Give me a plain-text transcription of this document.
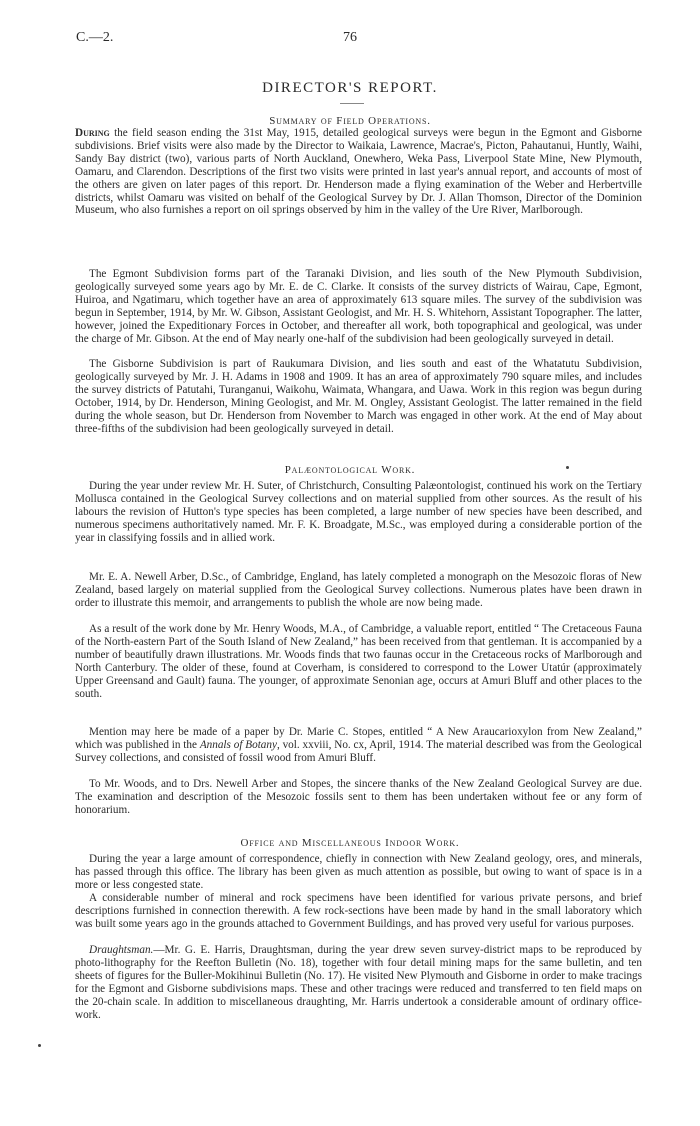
C.—2.	76
DIRECTOR'S REPORT.
Summary of Field Operations.
During the field season ending the 31st May, 1915, detailed geological surveys were begun in the Egmont and Gisborne subdivisions. Brief visits were also made by the Director to Waikaia, Lawrence, Macrae's, Picton, Pahautanui, Huntly, Waihi, Sandy Bay district (two), various parts of North Auckland, Onewhero, Weka Pass, Liverpool State Mine, New Plymouth, Oamaru, and Clarendon. Descriptions of the first two visits were printed in last year's annual report, and accounts of most of the others are given on later pages of this report. Dr. Henderson made a flying examination of the Weber and Herbertville districts, whilst Oamaru was visited on behalf of the Geological Survey by Dr. J. Allan Thomson, Director of the Dominion Museum, who also furnishes a report on oil springs observed by him in the valley of the Ure River, Marlborough.
The Egmont Subdivision forms part of the Taranaki Division, and lies south of the New Plymouth Subdivision, geologically surveyed some years ago by Mr. E. de C. Clarke. It consists of the survey districts of Wairau, Cape, Egmont, Huiroa, and Ngatimaru, which together have an area of approximately 613 square miles. The survey of the subdivision was begun in September, 1914, by Mr. W. Gibson, Assistant Geologist, and Mr. H. S. Whitehorn, Assistant Topographer. The latter, however, joined the Expeditionary Forces in October, and thereafter all work, both topographical and geological, was under the charge of Mr. Gibson. At the end of May nearly one-half of the subdivision had been geologically surveyed in detail.
The Gisborne Subdivision is part of Raukumara Division, and lies south and east of the Whatatutu Subdivision, geologically surveyed by Mr. J. H. Adams in 1908 and 1909. It has an area of approximately 790 square miles, and includes the survey districts of Patutahi, Turanganui, Waikohu, Waimata, Whangara, and Uawa. Work in this region was begun during October, 1914, by Dr. Henderson, Mining Geologist, and Mr. M. Ongley, Assistant Geologist. The latter remained in the field during the whole season, but Dr. Henderson from November to March was engaged in other work. At the end of May about three-fifths of the subdivision had been geologically surveyed in detail.
Palæontological Work.
During the year under review Mr. H. Suter, of Christchurch, Consulting Palæontologist, continued his work on the Tertiary Mollusca contained in the Geological Survey collections and on material supplied from other sources. As the result of his labours the revision of Hutton's type species has been completed, a large number of new species have been described, and numerous specimens authoritatively named. Mr. F. K. Broadgate, M.Sc., was employed during a considerable portion of the year in classifying fossils and in allied work.
Mr. E. A. Newell Arber, D.Sc., of Cambridge, England, has lately completed a monograph on the Mesozoic floras of New Zealand, based largely on material supplied from the Geological Survey collections. Numerous plates have been drawn in order to illustrate this memoir, and arrangements to publish the whole are now being made.
As a result of the work done by Mr. Henry Woods, M.A., of Cambridge, a valuable report, entitled “ The Cretaceous Fauna of the North-eastern Part of the South Island of New Zealand,” has been received from that gentleman. It is accompanied by a number of beautifully drawn illustrations. Mr. Woods finds that two faunas occur in the Cretaceous rocks of Marlborough and North Canterbury. The older of these, found at Coverham, is considered to correspond to the Lower Utatúr (approximately Upper Greensand and Gault) fauna. The younger, of approximate Senonian age, occurs at Amuri Bluff and other places to the south.
Mention may here be made of a paper by Dr. Marie C. Stopes, entitled “ A New Araucarioxylon from New Zealand,” which was published in the Annals of Botany, vol. xxviii, No. cx, April, 1914. The material described was from the Geological Survey collections, and consisted of fossil wood from Amuri Bluff.
To Mr. Woods, and to Drs. Newell Arber and Stopes, the sincere thanks of the New Zealand Geological Survey are due. The examination and description of the Mesozoic fossils sent to them has been undertaken without fee or any form of honorarium.
Office and Miscellaneous Indoor Work.
During the year a large amount of correspondence, chiefly in connection with New Zealand geology, ores, and minerals, has passed through this office. The library has been given as much attention as possible, but owing to want of space is in a more or less congested state.
A considerable number of mineral and rock specimens have been identified for various private persons, and brief descriptions furnished in connection therewith. A few rock-sections have been made by hand in the small laboratory which was built some years ago in the grounds attached to Government Buildings, and has proved very useful for various purposes.
Draughtsman.—Mr. G. E. Harris, Draughtsman, during the year drew seven survey-district maps to be reproduced by photo-lithography for the Reefton Bulletin (No. 18), together with four detail mining maps for the same bulletin, and ten sheets of figures for the Buller-Mokihinui Bulletin (No. 17). He visited New Plymouth and Gisborne in order to make tracings for the Egmont and Gisborne subdivisions maps. These and other tracings were reduced and transferred to ten field maps on the 20-chain scale. In addition to miscellaneous draughting, Mr. Harris undertook a considerable amount of ordinary office-work.
